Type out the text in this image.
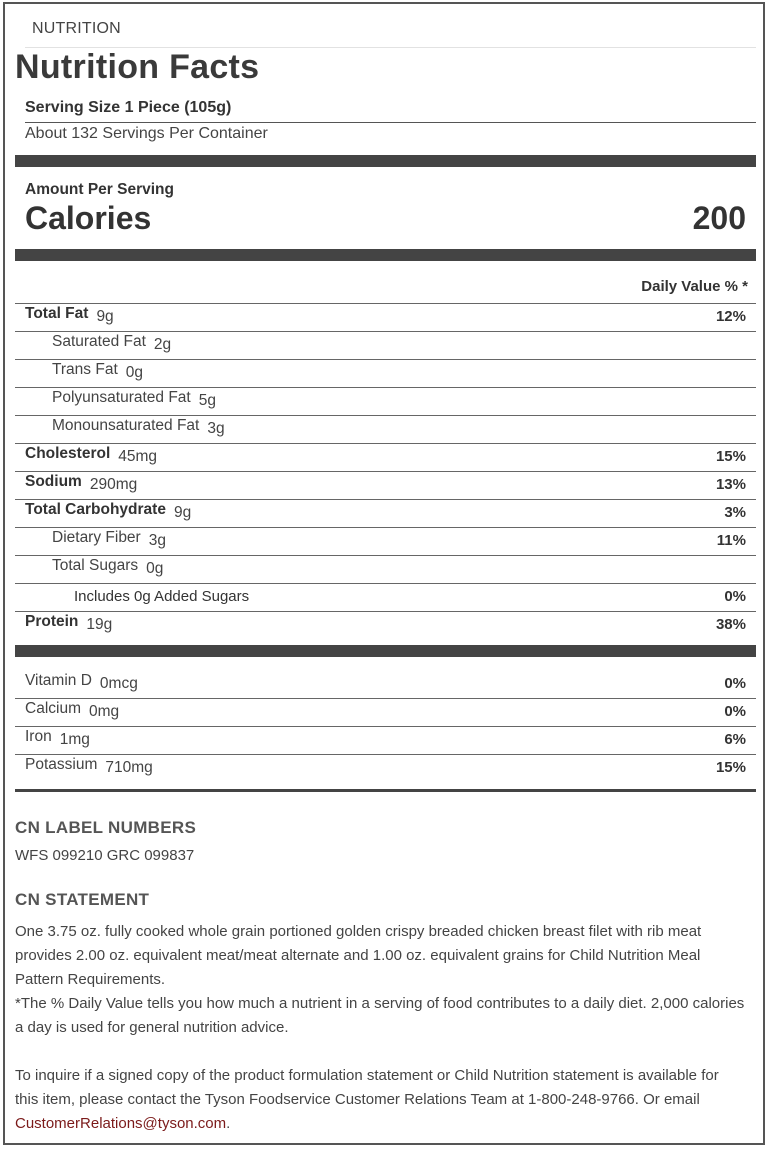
NUTRITION
Nutrition Facts
Serving Size 1 Piece (105g)
About 132 Servings Per Container
Amount Per Serving
Calories	200
Daily Value % *
Total Fat 9g	12%
Saturated Fat 2g
Trans Fat 0g
Polyunsaturated Fat 5g
Monounsaturated Fat 3g
Cholesterol 45mg	15%
Sodium 290mg	13%
Total Carbohydrate 9g	3%
Dietary Fiber 3g	11%
Total Sugars 0g
Includes 0g Added Sugars	0%
Protein 19g	38%
Vitamin D 0mcg	0%
Calcium 0mg	0%
Iron 1mg	6%
Potassium 710mg	15%
CN LABEL NUMBERS
WFS 099210 GRC 099837
CN STATEMENT

One 3.75 oz. fully cooked whole grain portioned golden crispy breaded chicken breast filet with rib meat provides 2.00 oz. equivalent meat/meat alternate and 1.00 oz. equivalent grains for Child Nutrition Meal Pattern Requirements.

*The % Daily Value tells you how much a nutrient in a serving of food contributes to a daily diet. 2,000 calories a day is used for general nutrition advice.

To inquire if a signed copy of the product formulation statement or Child Nutrition statement is available for this item, please contact the Tyson Foodservice Customer Relations Team at 1-800-248-9766. Or email CustomerRelations@tyson.com.
